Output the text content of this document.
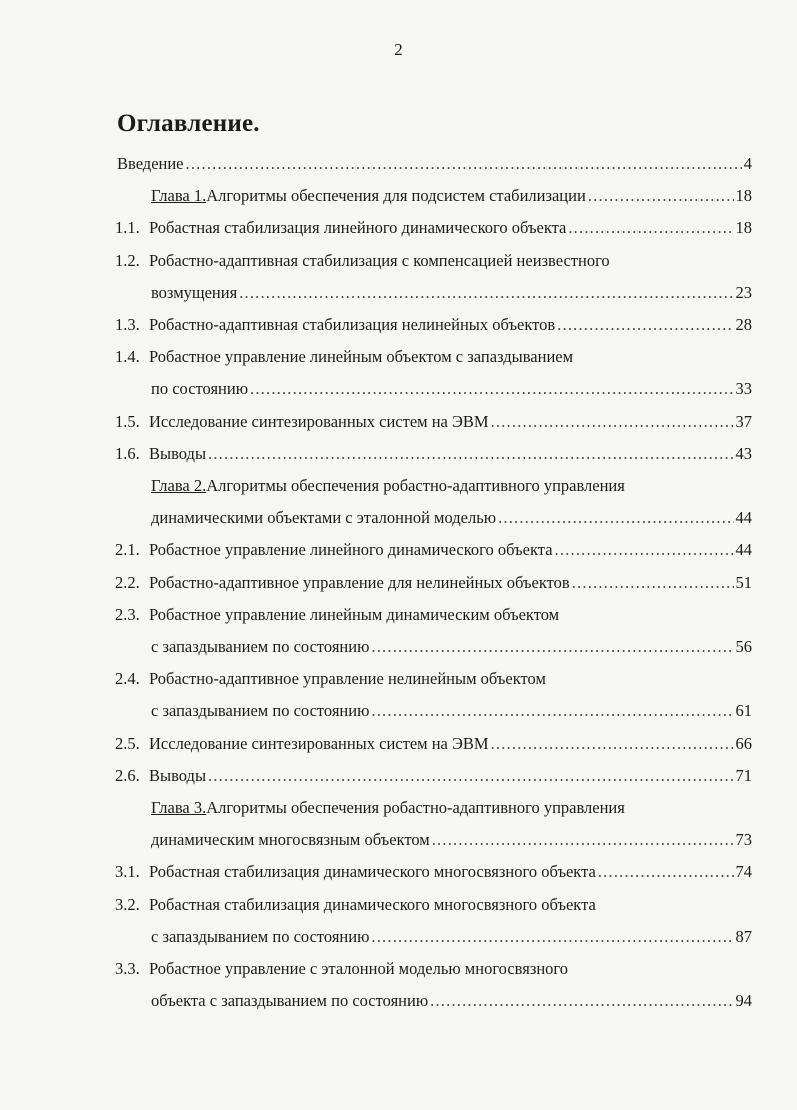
2
Оглавление.
Введение .....	4
Глава 1. Алгоритмы обеспечения для подсистем стабилизации .....	18
1.1. Робастная стабилизация линейного динамического объекта .....	18
1.2. Робастно-адаптивная стабилизация с компенсацией неизвестного
возмущения .....	23
1.3. Робастно-адаптивная стабилизация нелинейных объектов .....	28
1.4. Робастное управление линейным объектом с запаздыванием
по состоянию .....	33
1.5. Исследование синтезированных систем на ЭВМ .....	37
1.6. Выводы .....	43
Глава 2. Алгоритмы обеспечения робастно-адаптивного управления
динамическими объектами с эталонной моделью .....	44
2.1. Робастное управление линейного динамического объекта .....	44
2.2. Робастно-адаптивное управление для нелинейных объектов .....	51
2.3. Робастное управление линейным динамическим объектом
с запаздыванием по состоянию .....	56
2.4. Робастно-адаптивное управление нелинейным объектом
с запаздыванием по состоянию .....	61
2.5. Исследование синтезированных систем на ЭВМ .....	66
2.6. Выводы .....	71
Глава 3. Алгоритмы обеспечения робастно-адаптивного управления
динамическим многосвязным объектом .....	73
3.1. Робастная стабилизация динамического многосвязного объекта .....	74
3.2. Робастная стабилизация динамического многосвязного объекта
с запаздыванием по состоянию .....	87
3.3. Робастное управление с эталонной моделью многосвязного
объекта с запаздыванием по состоянию .....	94
